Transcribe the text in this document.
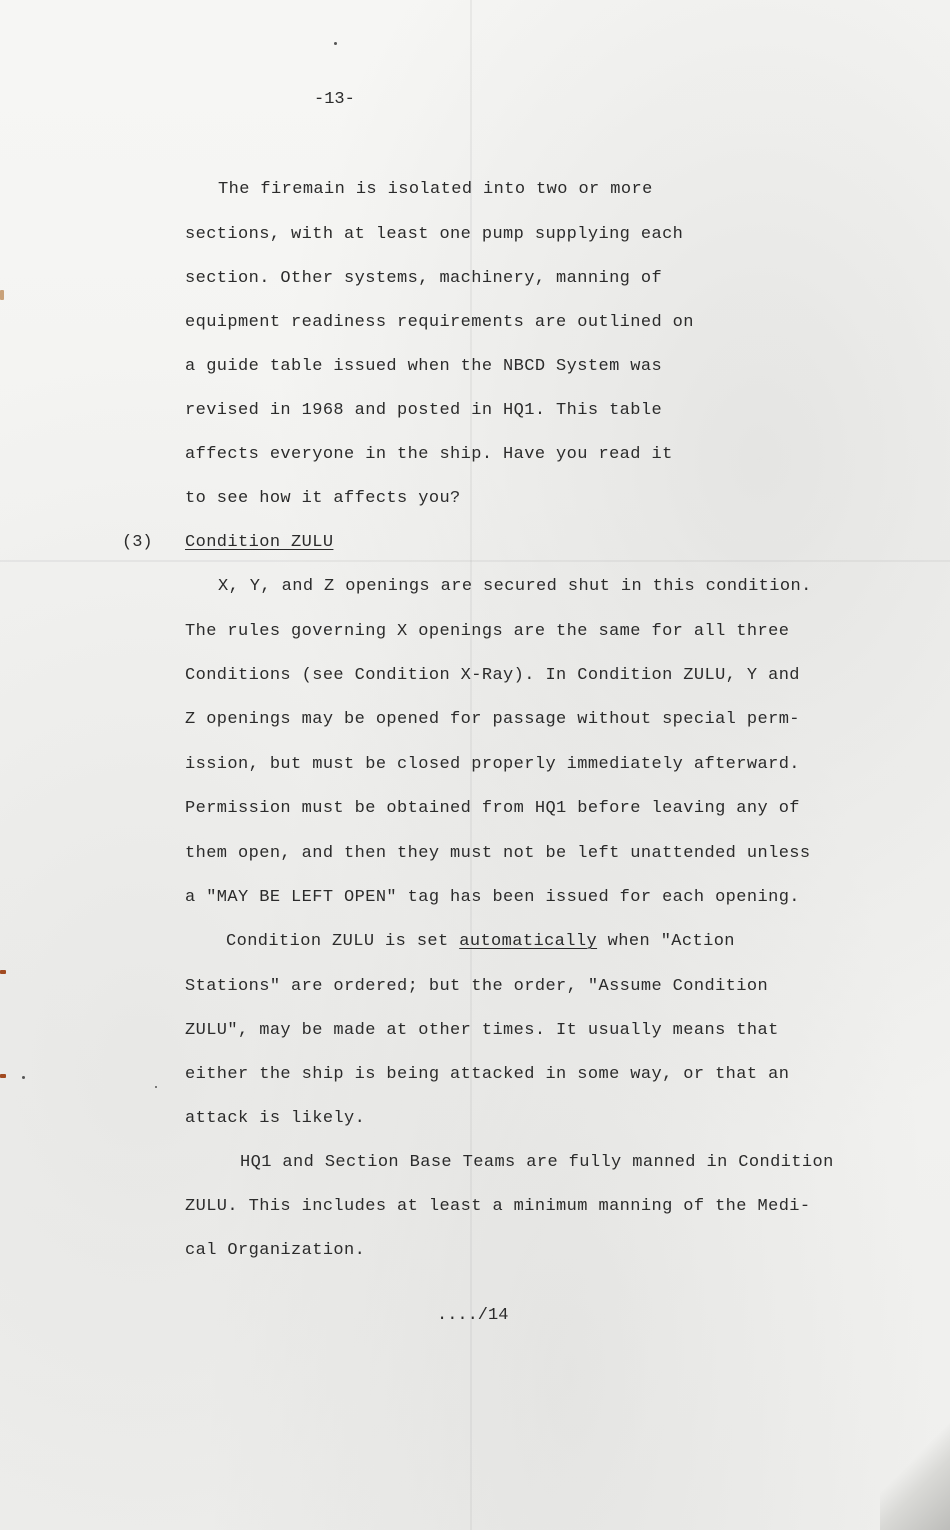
-13-
The firemain is isolated into two or more
sections, with at least one pump supplying each
section. Other systems, machinery, manning of
equipment readiness requirements are outlined on
a guide table issued when the NBCD System was
revised in 1968 and posted in HQ1. This table
affects everyone in the ship. Have you read it
to see how it affects you?
(3) Condition ZULU
X, Y, and Z openings are secured shut in this condition.
The rules governing X openings are the same for all three
Conditions (see Condition X-Ray). In Condition ZULU, Y and
Z openings may be opened for passage without special perm-
ission, but must be closed properly immediately afterward.
Permission must be obtained from HQ1 before leaving any of
them open, and then they must not be left unattended unless
a "MAY BE LEFT OPEN" tag has been issued for each opening.
Condition ZULU is set automatically when "Action
Stations" are ordered; but the order, "Assume Condition
ZULU", may be made at other times. It usually means that
either the ship is being attacked in some way, or that an
attack is likely.
HQ1 and Section Base Teams are fully manned in Condition
ZULU. This includes at least a minimum manning of the Medi-
cal Organization.
..../14
